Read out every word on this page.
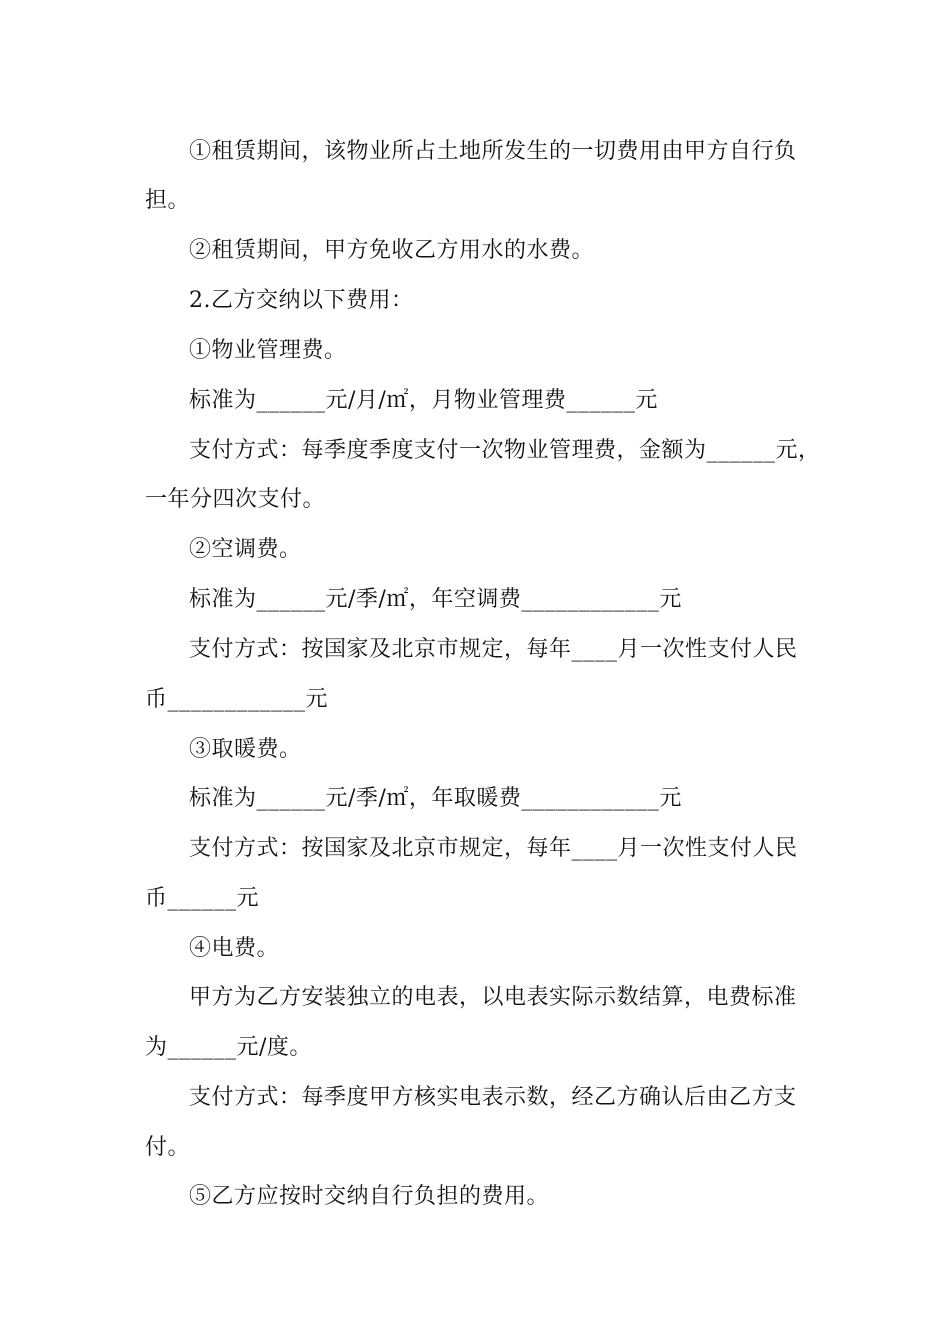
①租赁期间，该物业所占土地所发生的一切费用由甲方自行负
担。
②租赁期间，甲方免收乙方用水的水费。
2.乙方交纳以下费用：
①物业管理费。
标准为______元/月/㎡，月物业管理费______元
支付方式：每季度季度支付一次物业管理费，金额为______元，
一年分四次支付。
②空调费。
标准为______元/季/㎡，年空调费____________元
支付方式：按国家及北京市规定，每年____月一次性支付人民
币____________元
③取暖费。
标准为______元/季/㎡，年取暖费____________元
支付方式：按国家及北京市规定，每年____月一次性支付人民
币______元
④电费。
甲方为乙方安装独立的电表，以电表实际示数结算，电费标准
为______元/度。
支付方式：每季度甲方核实电表示数，经乙方确认后由乙方支
付。
⑤乙方应按时交纳自行负担的费用。
